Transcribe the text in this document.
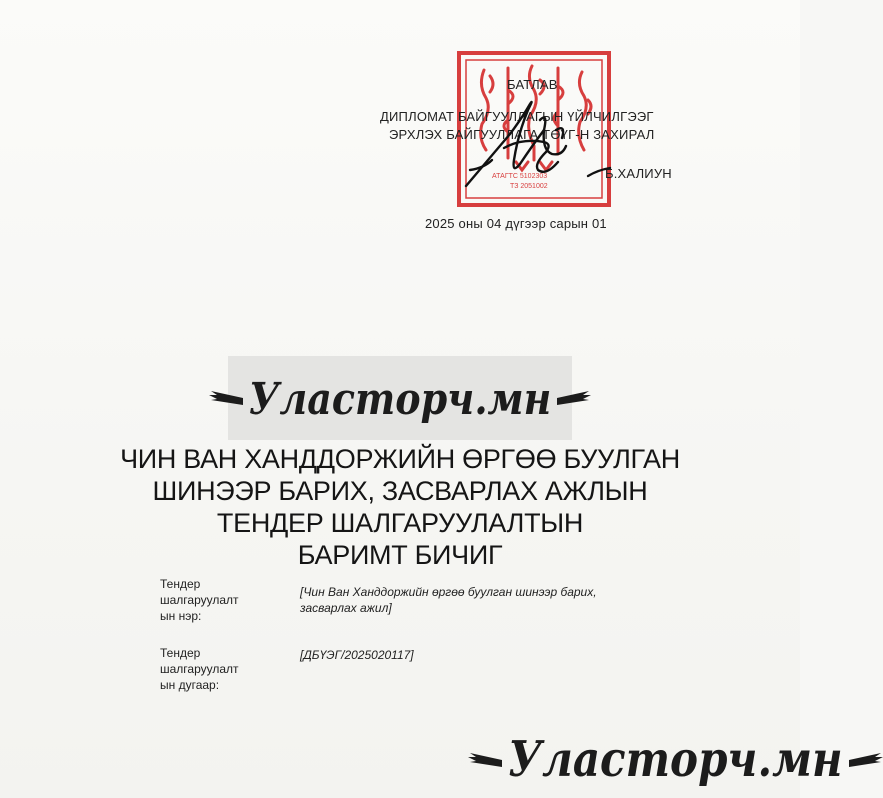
АТАГТС 5102303
ТЗ 2051002
БАТЛАВ
ДИПЛОМАТ БАЙГУУЛЛАГЫН ҮЙЛЧИЛГЭЭГ
ЭРХЛЭХ БАЙГУУЛЛАГА ТӨҮГ-Н ЗАХИРАЛ
Б.ХАЛИУН
2025 оны 04 дүгээр сарын 01
Уласторч.мн
ЧИН ВАН ХАНДДОРЖИЙН ӨРГӨӨ БУУЛГАН
ШИНЭЭР БАРИХ, ЗАСВАРЛАХ АЖЛЫН
ТЕНДЕР ШАЛГАРУУЛАЛТЫН
БАРИМТ БИЧИГ
Тендер
шалгаруулалт
ын нэр:
[Чин Ван Ханддоржийн өргөө буулган шинээр барих,
засварлах ажил]
Тендер
шалгаруулалт
ын дугаар:
[ДБҮЭГ/2025020117]
Уласторч.мн
